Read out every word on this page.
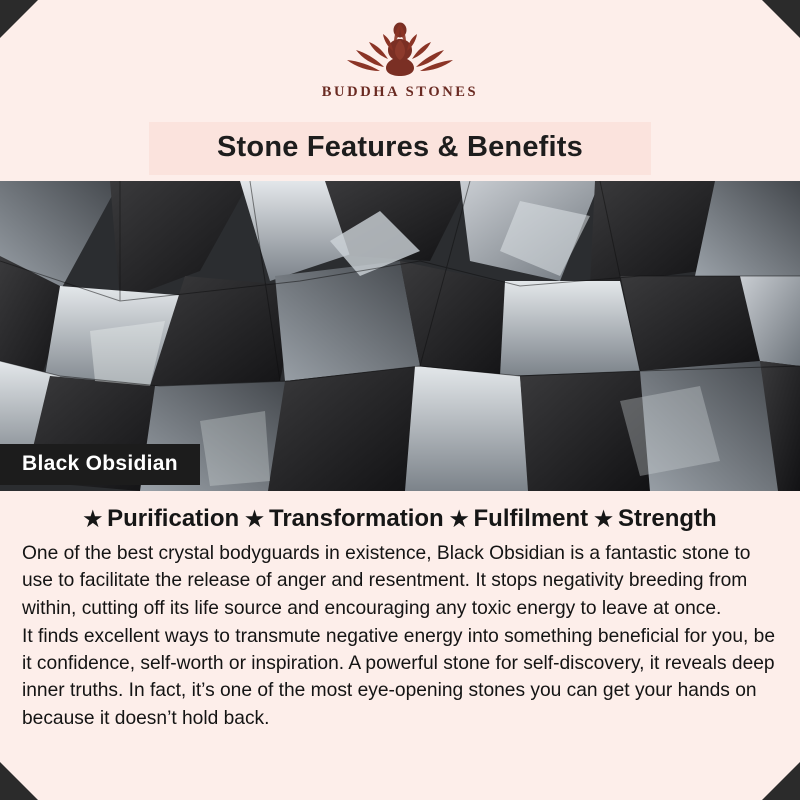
BUDDHA STONES
Stone Features & Benefits
Black Obsidian
★ Purification ★ Transformation ★ Fulfilment ★ Strength

One of the best crystal bodyguards in existence, Black Obsidian is a fantastic stone to use to facilitate the release of anger and resentment. It stops negativity breeding from within, cutting off its life source and encouraging any toxic energy to leave at once.

It finds excellent ways to transmute negative energy into something beneficial for you, be it confidence, self-worth or inspiration. A powerful stone for self-discovery, it reveals deep inner truths. In fact, it’s one of the most eye-opening stones you can get your hands on because it doesn’t hold back.
